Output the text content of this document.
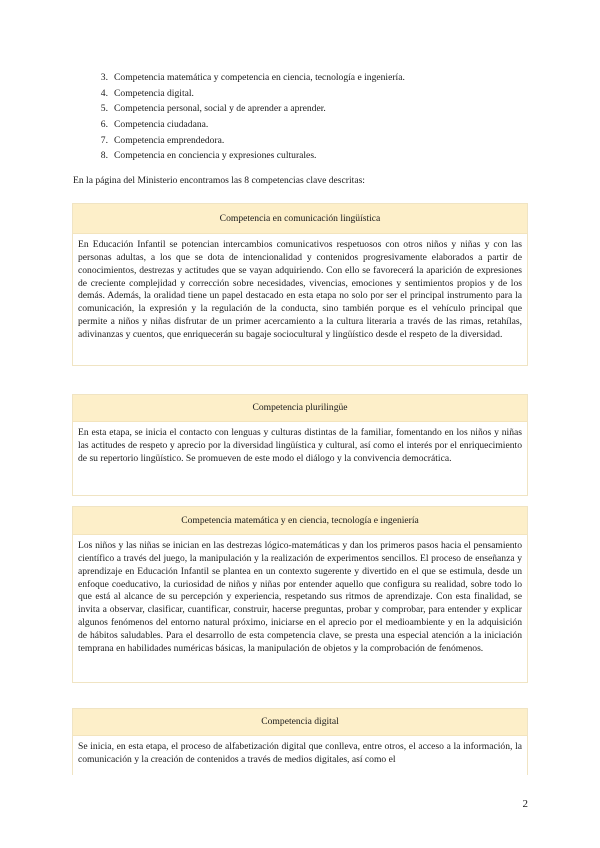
3. Competencia matemática y competencia en ciencia, tecnología e ingeniería.
4. Competencia digital.
5. Competencia personal, social y de aprender a aprender.
6. Competencia ciudadana.
7. Competencia emprendedora.
8. Competencia en conciencia y expresiones culturales.

En la página del Ministerio encontramos las 8 competencias clave descritas:

Competencia en comunicación lingüística
En Educación Infantil se potencian intercambios comunicativos respetuosos con otros niños y niñas y con las personas adultas, a los que se dota de intencionalidad y contenidos progresivamente elaborados a partir de conocimientos, destrezas y actitudes que se vayan adquiriendo. Con ello se favorecerá la aparición de expresiones de creciente complejidad y corrección sobre necesidades, vivencias, emociones y sentimientos propios y de los demás. Además, la oralidad tiene un papel destacado en esta etapa no solo por ser el principal instrumento para la comunicación, la expresión y la regulación de la conducta, sino también porque es el vehículo principal que permite a niños y niñas disfrutar de un primer acercamiento a la cultura literaria a través de las rimas, retahílas, adivinanzas y cuentos, que enriquecerán su bagaje sociocultural y lingüístico desde el respeto de la diversidad.
Competencia plurilingüe
En esta etapa, se inicia el contacto con lenguas y culturas distintas de la familiar, fomentando en los niños y niñas las actitudes de respeto y aprecio por la diversidad lingüística y cultural, así como el interés por el enriquecimiento de su repertorio lingüístico. Se promueven de este modo el diálogo y la convivencia democrática.
Competencia matemática y en ciencia, tecnología e ingeniería
Los niños y las niñas se inician en las destrezas lógico-matemáticas y dan los primeros pasos hacia el pensamiento científico a través del juego, la manipulación y la realización de experimentos sencillos. El proceso de enseñanza y aprendizaje en Educación Infantil se plantea en un contexto sugerente y divertido en el que se estimula, desde un enfoque coeducativo, la curiosidad de niños y niñas por entender aquello que configura su realidad, sobre todo lo que está al alcance de su percepción y experiencia, respetando sus ritmos de aprendizaje. Con esta finalidad, se invita a observar, clasificar, cuantificar, construir, hacerse preguntas, probar y comprobar, para entender y explicar algunos fenómenos del entorno natural próximo, iniciarse en el aprecio por el medioambiente y en la adquisición de hábitos saludables. Para el desarrollo de esta competencia clave, se presta una especial atención a la iniciación temprana en habilidades numéricas básicas, la manipulación de objetos y la comprobación de fenómenos.
Competencia digital
Se inicia, en esta etapa, el proceso de alfabetización digital que conlleva, entre otros, el acceso a la información, la comunicación y la creación de contenidos a través de medios digitales, así como el
2
